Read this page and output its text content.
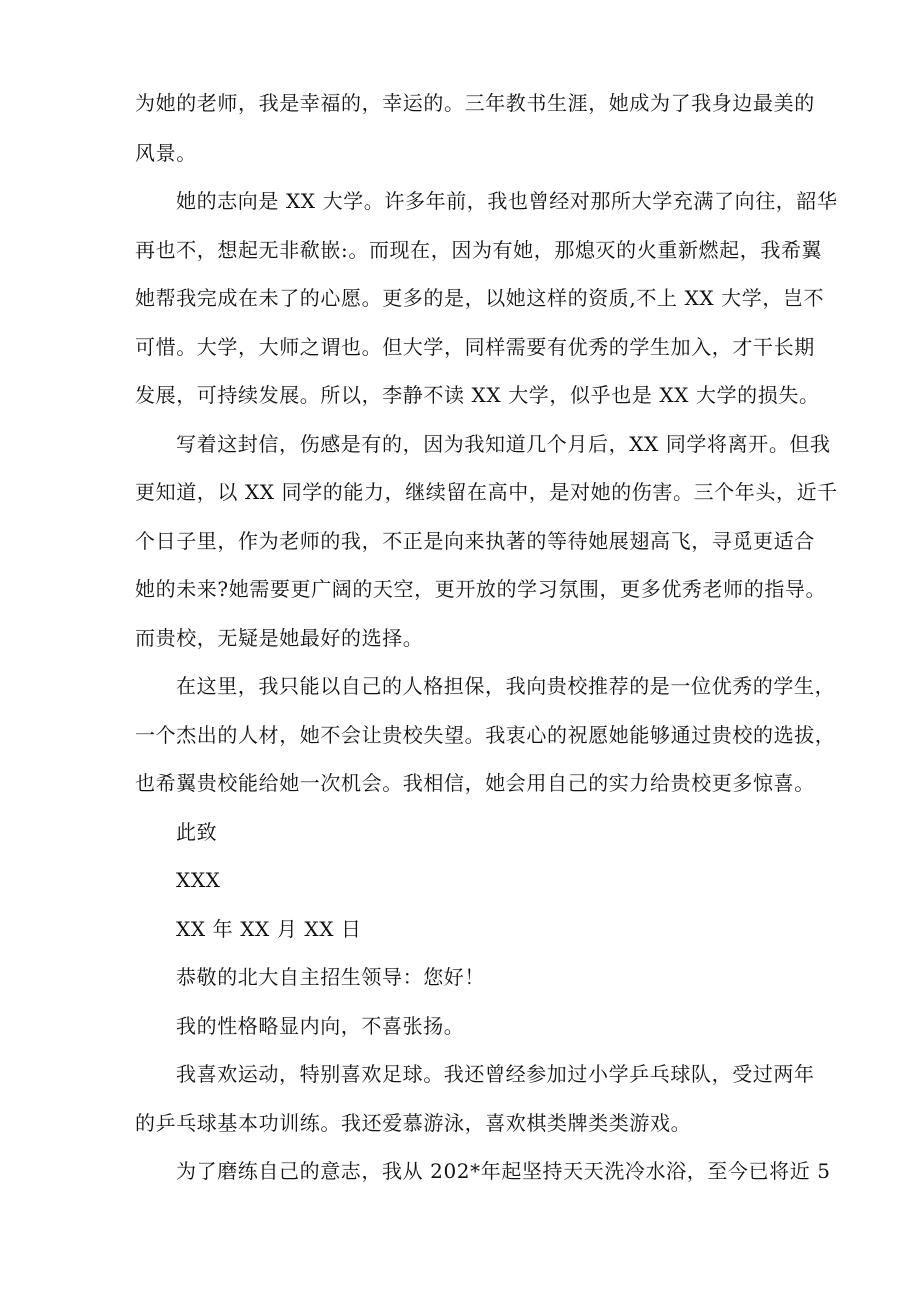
为她的老师，我是幸福的，幸运的。三年教书生涯，她成为了我身边最美的
风景。
她的志向是 XX 大学。许多年前，我也曾经对那所大学充满了向往，韶华
再也不，想起无非欷嵌:。而现在，因为有她，那熄灭的火重新燃起，我希翼
她帮我完成在未了的心愿。更多的是，以她这样的资质,不上 XX 大学，岂不
可惜。大学，大师之谓也。但大学，同样需要有优秀的学生加入，才干长期
发展，可持续发展。所以，李静不读 XX 大学，似乎也是 XX 大学的损失。
写着这封信，伤感是有的，因为我知道几个月后，XX 同学将离开。但我
更知道，以 XX 同学的能力，继续留在高中，是对她的伤害。三个年头，近千
个日子里，作为老师的我，不正是向来执著的等待她展翅高飞，寻觅更适合
她的未来?她需要更广阔的天空，更开放的学习氛围，更多优秀老师的指导。
而贵校，无疑是她最好的选择。
在这里，我只能以自己的人格担保，我向贵校推荐的是一位优秀的学生，
一个杰出的人材，她不会让贵校失望。我衷心的祝愿她能够通过贵校的选拔，
也希翼贵校能给她一次机会。我相信，她会用自己的实力给贵校更多惊喜。
此致
XXX
XX 年 XX 月 XX 日
恭敬的北大自主招生领导：您好！
我的性格略显内向，不喜张扬。
我喜欢运动，特别喜欢足球。我还曾经参加过小学乒乓球队，受过两年
的乒乓球基本功训练。我还爱慕游泳，喜欢棋类牌类类游戏。
为了磨练自己的意志，我从 202*年起坚持天天洗冷水浴，至今已将近 5
